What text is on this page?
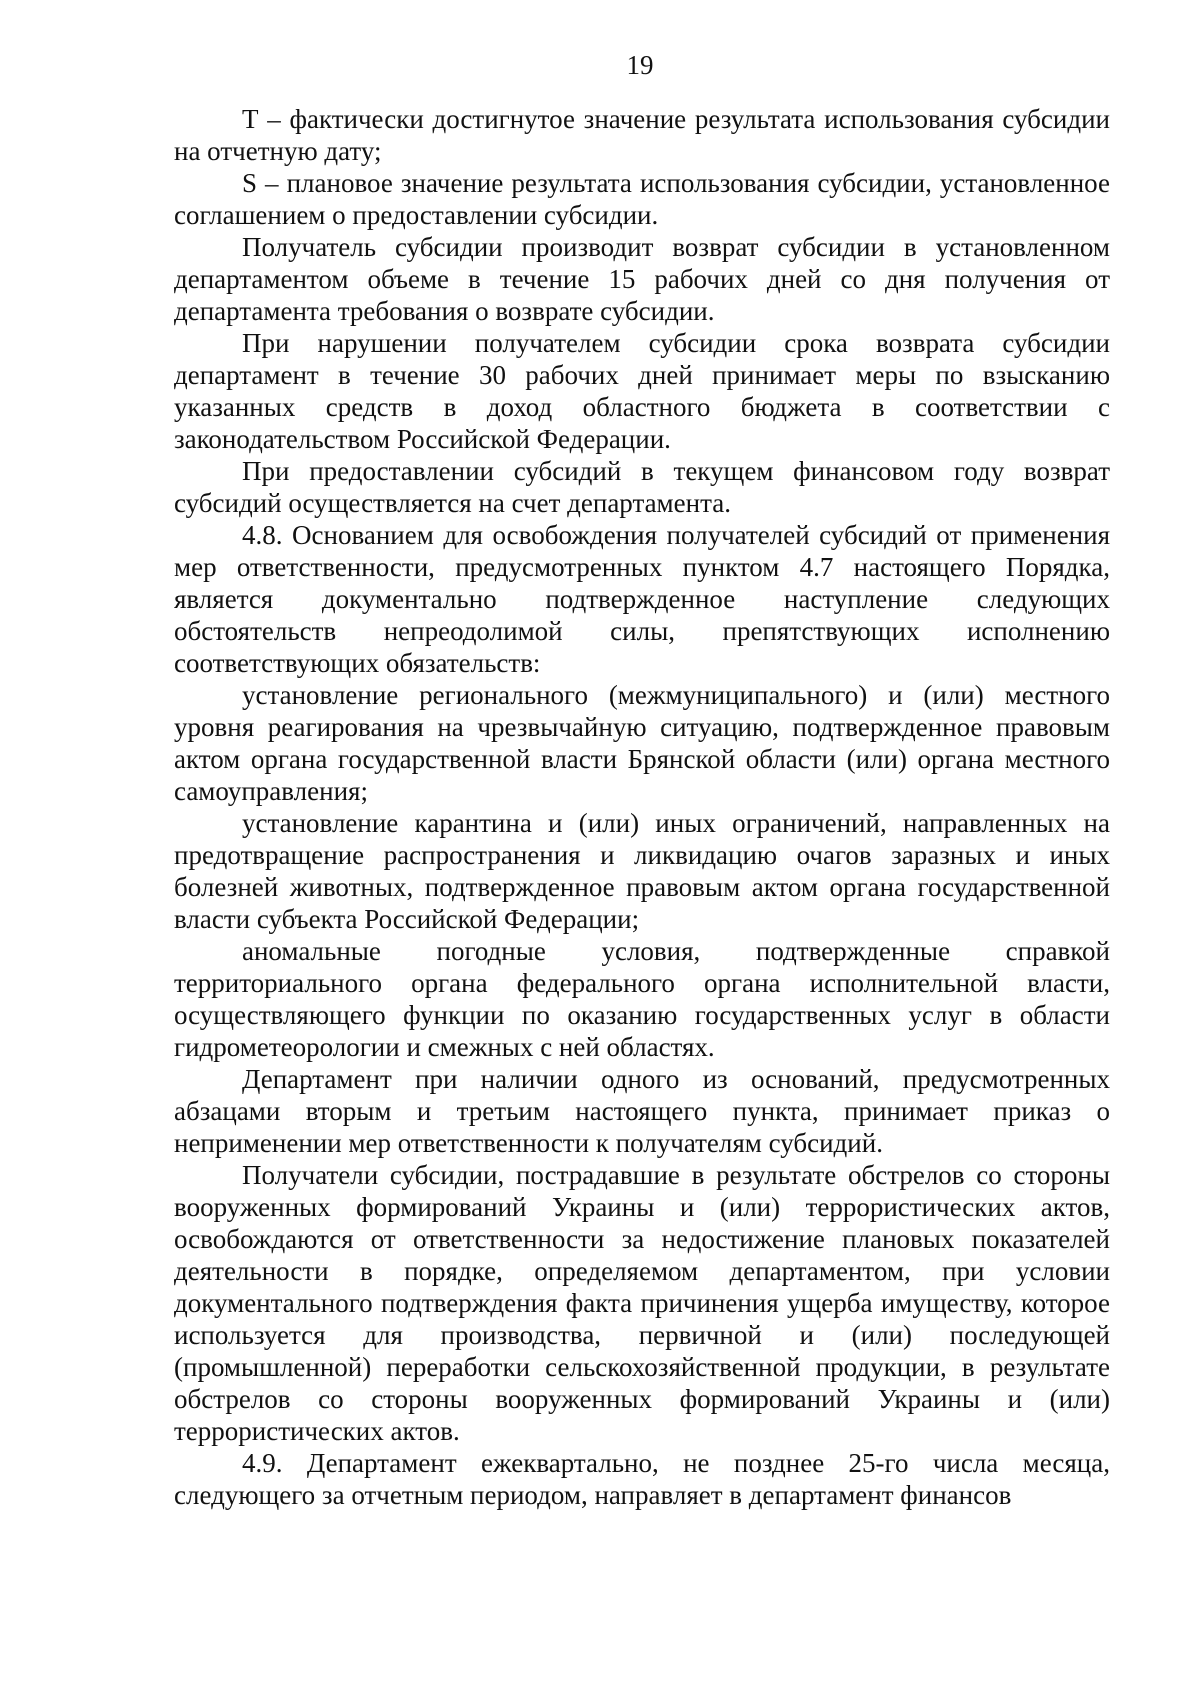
19

Т – фактически достигнутое значение результата использования субсидии на отчетную дату;

S – плановое значение результата использования субсидии, установленное соглашением о предоставлении субсидии.

Получатель субсидии производит возврат субсидии в установленном департаментом объеме в течение 15 рабочих дней со дня получения от департамента требования о возврате субсидии.

При нарушении получателем субсидии срока возврата субсидии департамент в течение 30 рабочих дней принимает меры по взысканию указанных средств в доход областного бюджета в соответствии с законодательством Российской Федерации.

При предоставлении субсидий в текущем финансовом году возврат субсидий осуществляется на счет департамента.

4.8. Основанием для освобождения получателей субсидий от применения мер ответственности, предусмотренных пунктом 4.7 настоящего Порядка, является документально подтвержденное наступление следующих обстоятельств непреодолимой силы, препятствующих исполнению соответствующих обязательств:

установление регионального (межмуниципального) и (или) местного уровня реагирования на чрезвычайную ситуацию, подтвержденное правовым актом органа государственной власти Брянской области (или) органа местного самоуправления;

установление карантина и (или) иных ограничений, направленных на предотвращение распространения и ликвидацию очагов заразных и иных болезней животных, подтвержденное правовым актом органа государственной власти субъекта Российской Федерации;

аномальные погодные условия, подтвержденные справкой территориального органа федерального органа исполнительной власти, осуществляющего функции по оказанию государственных услуг в области гидрометеорологии и смежных с ней областях.

Департамент при наличии одного из оснований, предусмотренных абзацами вторым и третьим настоящего пункта, принимает приказ о неприменении мер ответственности к получателям субсидий.

Получатели субсидии, пострадавшие в результате обстрелов со стороны вооруженных формирований Украины и (или) террористических актов, освобождаются от ответственности за недостижение плановых показателей деятельности в порядке, определяемом департаментом, при условии документального подтверждения факта причинения ущерба имуществу, которое используется для производства, первичной и (или) последующей (промышленной) переработки сельскохозяйственной продукции, в результате обстрелов со стороны вооруженных формирований Украины и (или) террористических актов.

4.9. Департамент ежеквартально, не позднее 25-го числа месяца, следующего за отчетным периодом, направляет в департамент финансов
